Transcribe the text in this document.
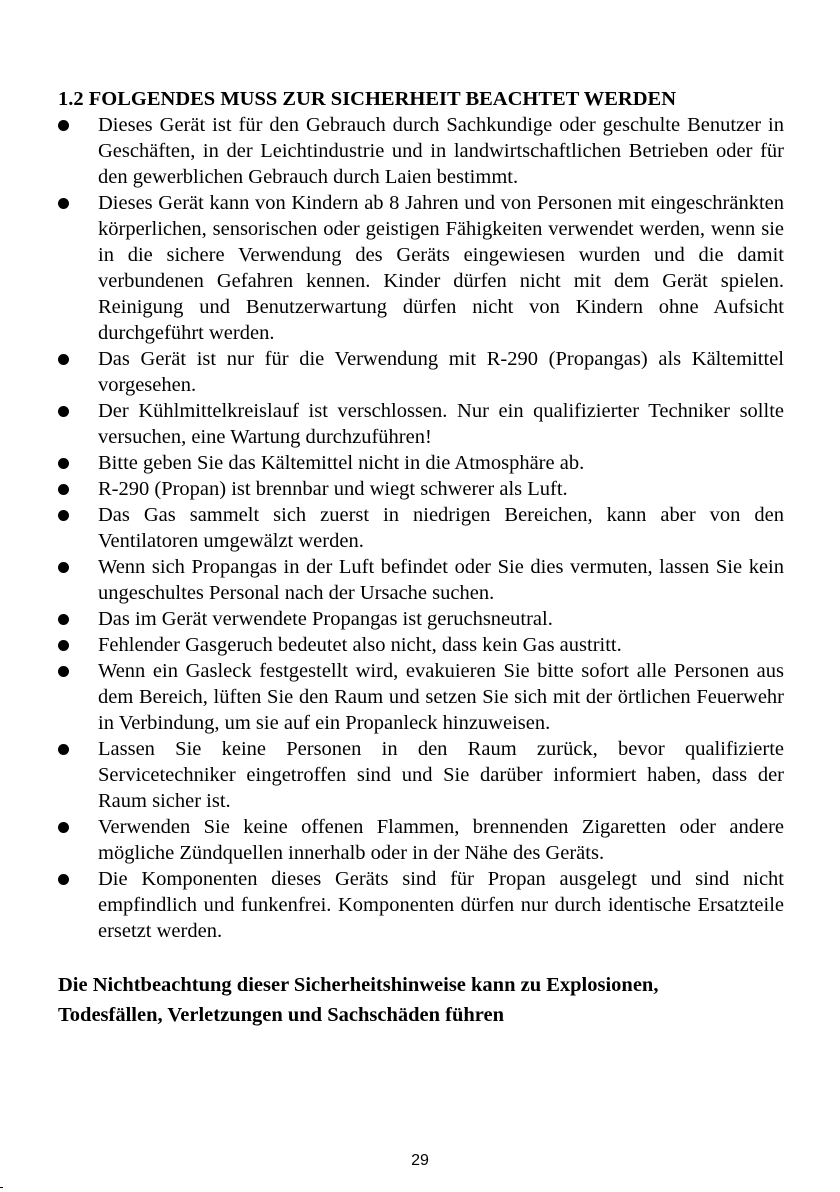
1.2 FOLGENDES MUSS ZUR SICHERHEIT BEACHTET WERDEN
Dieses Gerät ist für den Gebrauch durch Sachkundige oder geschulte Benutzer in Geschäften, in der Leichtindustrie und in landwirtschaftlichen Betrieben oder für den gewerblichen Gebrauch durch Laien bestimmt.
Dieses Gerät kann von Kindern ab 8 Jahren und von Personen mit eingeschränkten körperlichen, sensorischen oder geistigen Fähigkeiten verwendet werden, wenn sie in die sichere Verwendung des Geräts eingewiesen wurden und die damit verbundenen Gefahren kennen. Kinder dürfen nicht mit dem Gerät spielen. Reinigung und Benutzerwartung dürfen nicht von Kindern ohne Aufsicht durchgeführt werden.
Das Gerät ist nur für die Verwendung mit R-290 (Propangas) als Kältemittel vorgesehen.
Der Kühlmittelkreislauf ist verschlossen. Nur ein qualifizierter Techniker sollte versuchen, eine Wartung durchzuführen!
Bitte geben Sie das Kältemittel nicht in die Atmosphäre ab.
R-290 (Propan) ist brennbar und wiegt schwerer als Luft.
Das Gas sammelt sich zuerst in niedrigen Bereichen, kann aber von den Ventilatoren umgewälzt werden.
Wenn sich Propangas in der Luft befindet oder Sie dies vermuten, lassen Sie kein ungeschultes Personal nach der Ursache suchen.
Das im Gerät verwendete Propangas ist geruchsneutral.
Fehlender Gasgeruch bedeutet also nicht, dass kein Gas austritt.
Wenn ein Gasleck festgestellt wird, evakuieren Sie bitte sofort alle Personen aus dem Bereich, lüften Sie den Raum und setzen Sie sich mit der örtlichen Feuerwehr in Verbindung, um sie auf ein Propanleck hinzuweisen.
Lassen Sie keine Personen in den Raum zurück, bevor qualifizierte Servicetechniker eingetroffen sind und Sie darüber informiert haben, dass der Raum sicher ist.
Verwenden Sie keine offenen Flammen, brennenden Zigaretten oder andere mögliche Zündquellen innerhalb oder in der Nähe des Geräts.
Die Komponenten dieses Geräts sind für Propan ausgelegt und sind nicht empfindlich und funkenfrei. Komponenten dürfen nur durch identische Ersatzteile ersetzt werden.
Die Nichtbeachtung dieser Sicherheitshinweise kann zu Explosionen,
Todesfällen, Verletzungen und Sachschäden führen
29
